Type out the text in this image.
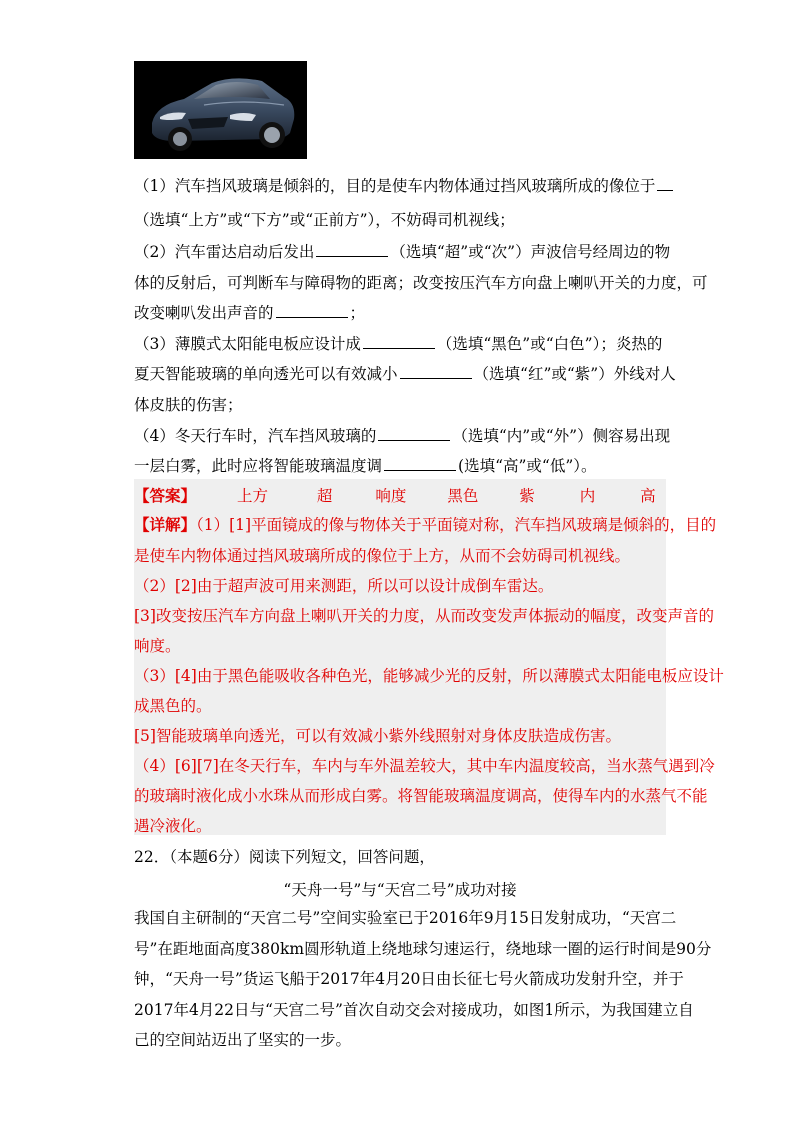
（1）汽车挡风玻璃是倾斜的，目的是使车内物体通过挡风玻璃所成的像位于
（选填“上方”或“下方”或“正前方”），不妨碍司机视线；
（2）汽车雷达启动后发出	（选填“超”或“次”）声波信号经周边的物
体的反射后，可判断车与障碍物的距离；改变按压汽车方向盘上喇叭开关的力度，可
改变喇叭发出声音的	；
（3）薄膜式太阳能电板应设计成	（选填“黑色”或“白色”）；炎热的
夏天智能玻璃的单向透光可以有效减小	（选填“红”或“紫”）外线对人
体皮肤的伤害；
（4）冬天行车时，汽车挡风玻璃的	（选填“内”或“外”）侧容易出现
一层白雾，此时应将智能玻璃温度调	(选填“高”或“低”）。
【答案】	上方	超	响度	黑色	紫	内	高
【详解】（1）[1]平面镜成的像与物体关于平面镜对称，汽车挡风玻璃是倾斜的，目的
是使车内物体通过挡风玻璃所成的像位于上方，从而不会妨碍司机视线。
（2）[2]由于超声波可用来测距，所以可以设计成倒车雷达。
[3]改变按压汽车方向盘上喇叭开关的力度，从而改变发声体振动的幅度，改变声音的
响度。
（3）[4]由于黑色能吸收各种色光，能够减少光的反射，所以薄膜式太阳能电板应设计
成黑色的。
[5]智能玻璃单向透光，可以有效减小紫外线照射对身体皮肤造成伤害。
（4）[6][7]在冬天行车，车内与车外温差较大，其中车内温度较高，当水蒸气遇到冷
的玻璃时液化成小水珠从而形成白雾。将智能玻璃温度调高，使得车内的水蒸气不能
遇冷液化。
22．（本题6分）阅读下列短文，回答问题，
“天舟一号”与“天宫二号”成功对接
我国自主研制的“天宫二号”空间实验室已于2016年9月15日发射成功，“天宫二
号”在距地面高度380km圆形轨道上绕地球匀速运行，绕地球一圈的运行时间是90分
钟，“天舟一号”货运飞船于2017年4月20日由长征七号火箭成功发射升空，并于
2017年4月22日与“天宫二号”首次自动交会对接成功，如图1所示，为我国建立自
己的空间站迈出了坚实的一步。
